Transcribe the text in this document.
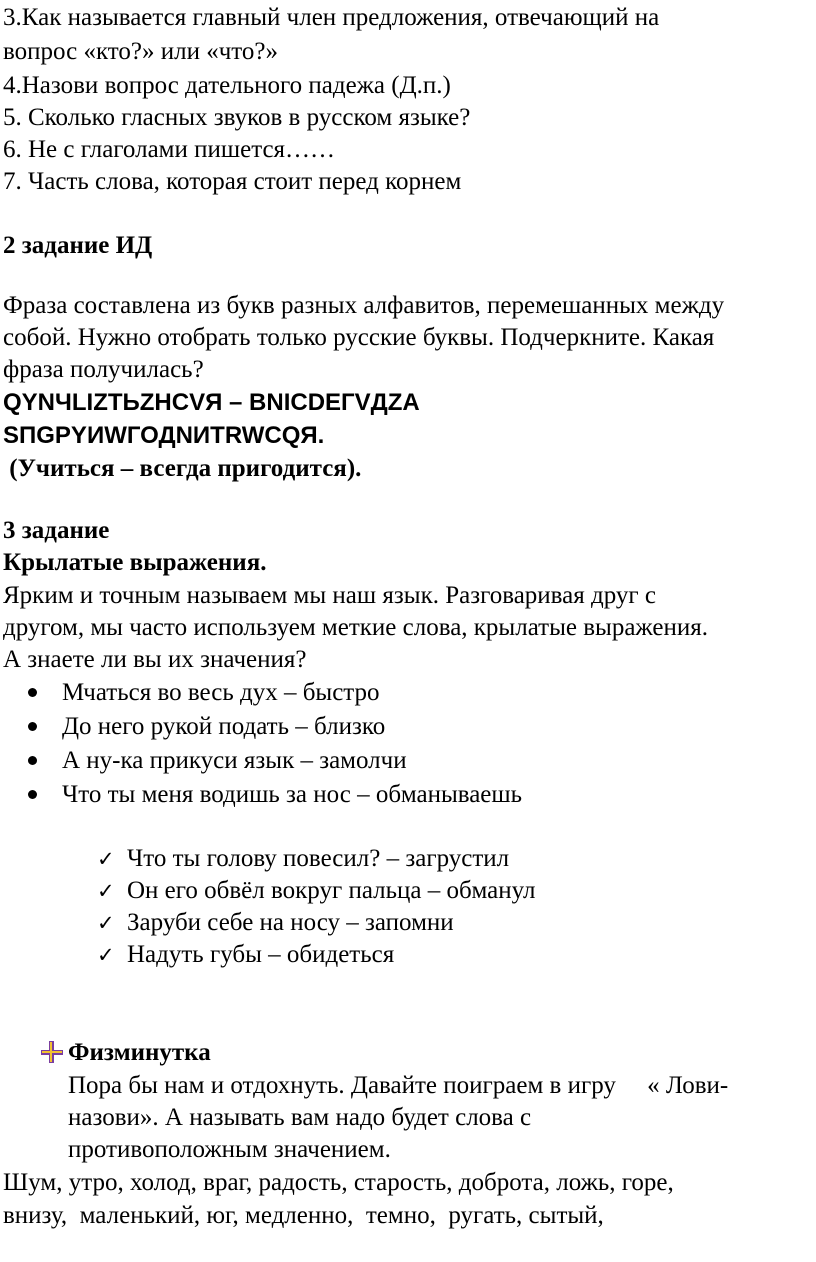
3.Как называется главный член предложения, отвечающий на
вопрос «кто?» или «что?»
4.Назови вопрос дательного падежа (Д.п.)
5. Сколько гласных звуков в русском языке?
6. Не с глаголами пишется……
7. Часть слова, которая стоит перед корнем
2 задание ИД
Фраза составлена из букв разных алфавитов, перемешанных между
собой. Нужно отобрать только русские буквы. Подчеркните. Какая
фраза получилась?
QYNЧLIZTЬZHCVЯ – BNICDEГVДZA
SПGPYИWГОДNИTRWCQЯ.
(Учиться – всегда пригодится).
3 задание
Крылатые выражения.
Ярким и точным называем мы наш язык. Разговаривая друг с
другом, мы часто используем меткие слова, крылатые выражения.
А знаете ли вы их значения?
Мчаться во весь дух – быстро
До него рукой подать – близко
А ну-ка прикуси язык – замолчи
Что ты меня водишь за нос – обманываешь
✓ Что ты голову повесил? – загрустил
✓ Он его обвёл вокруг пальца – обманул
✓ Заруби себе на носу – запомни
✓ Надуть губы – обидеться
Физминутка
Пора бы нам и отдохнуть. Давайте поиграем в игру     « Лови-
назови». А называть вам надо будет слова с
противоположным значением.
Шум, утро, холод, враг, радость, старость, доброта, ложь, горе,
внизу,  маленький, юг, медленно,  темно,  ругать, сытый,
